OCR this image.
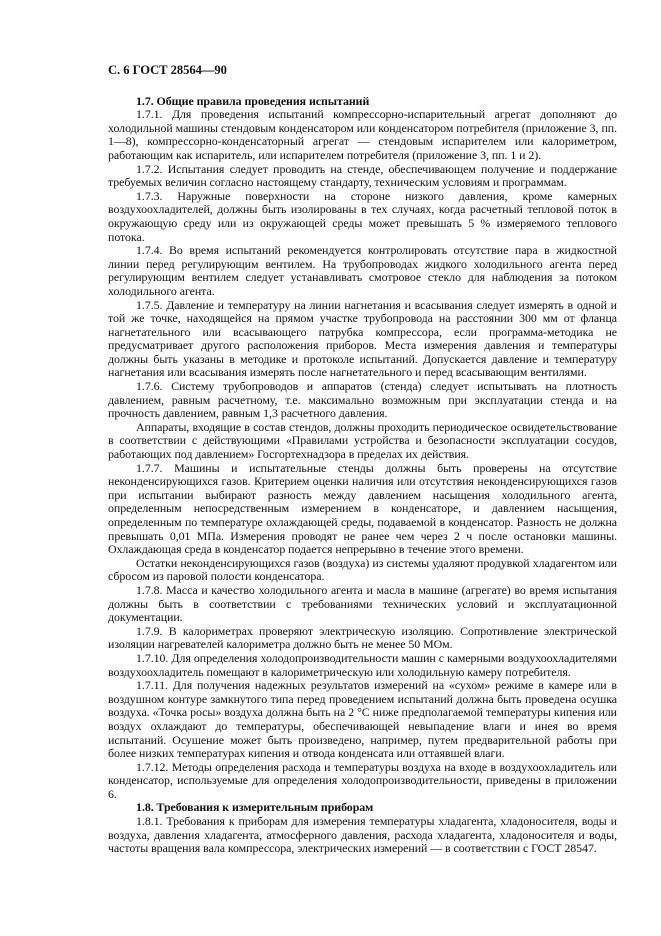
С. 6 ГОСТ 28564—90
1.7. Общие правила проведения испытаний

1.7.1. Для проведения испытаний компрессорно-испарительный агрегат дополняют до холодильной машины стендовым конденсатором или конденсатором потребителя (приложение 3, пп. 1—8), компрессорно-конденсаторный агрегат — стендовым испарителем или калориметром, работающим как испаритель, или испарителем потребителя (приложение 3, пп. 1 и 2).

1.7.2. Испытания следует проводить на стенде, обеспечивающем получение и поддержание требуемых величин согласно настоящему стандарту, техническим условиям и программам.

1.7.3. Наружные поверхности на стороне низкого давления, кроме камерных воздухоохладителей, должны быть изолированы в тех случаях, когда расчетный тепловой поток в окружающую среду или из окружающей среды может превышать 5 % измеряемого теплового потока.

1.7.4. Во время испытаний рекомендуется контролировать отсутствие пара в жидкостной линии перед регулирующим вентилем. На трубопроводах жидкого холодильного агента перед регулирующим вентилем следует устанавливать смотровое стекло для наблюдения за потоком холодильного агента.

1.7.5. Давление и температуру на линии нагнетания и всасывания следует измерять в одной и той же точке, находящейся на прямом участке трубопровода на расстоянии 300 мм от фланца нагнетательного или всасывающего патрубка компрессора, если программа-методика не предусматривает другого расположения приборов. Места измерения давления и температуры должны быть указаны в методике и протоколе испытаний. Допускается давление и температуру нагнетания или всасывания измерять после нагнетательного и перед всасывающим вентилями.

1.7.6. Систему трубопроводов и аппаратов (стенда) следует испытывать на плотность давлением, равным расчетному, т.е. максимально возможным при эксплуатации стенда и на прочность давлением, равным 1,3 расчетного давления.

Аппараты, входящие в состав стендов, должны проходить периодическое освидетельствование в соответствии с действующими «Правилами устройства и безопасности эксплуатации сосудов, работающих под давлением» Госгортехнадзора в пределах их действия.

1.7.7. Машины и испытательные стенды должны быть проверены на отсутствие неконденсирующихся газов. Критерием оценки наличия или отсутствия неконденсирующихся газов при испытании выбирают разность между давлением насыщения холодильного агента, определенным непосредственным измерением в конденсаторе, и давлением насыщения, определенным по температуре охлаждающей среды, подаваемой в конденсатор. Разность не должна превышать 0,01 МПа. Измерения проводят не ранее чем через 2 ч после остановки машины. Охлаждающая среда в конденсатор подается непрерывно в течение этого времени.

Остатки неконденсирующихся газов (воздуха) из системы удаляют продувкой хладагентом или сбросом из паровой полости конденсатора.

1.7.8. Масса и качество холодильного агента и масла в машине (агрегате) во время испытания должны быть в соответствии с требованиями технических условий и эксплуатационной документации.

1.7.9. В калориметрах проверяют электрическую изоляцию. Сопротивление электрической изоляции нагревателей калориметра должно быть не менее 50 МОм.

1.7.10. Для определения холодопроизводительности машин с камерными воздухоохладителями воздухоохладитель помещают в калориметрическую или холодильную камеру потребителя.

1.7.11. Для получения надежных результатов измерений на «сухом» режиме в камере или в воздушном контуре замкнутого типа перед проведением испытаний должна быть проведена осушка воздуха. «Точка росы» воздуха должна быть на 2 °С ниже предполагаемой температуры кипения или воздух охлаждают до температуры, обеспечивающей невыпадение влаги и инея во время испытаний. Осушение может быть произведено, например, путем предварительной работы при более низких температурах кипения и отвода конденсата или оттаявшей влаги.

1.7.12. Методы определения расхода и температуры воздуха на входе в воздухоохладитель или конденсатор, используемые для определения холодопроизводительности, приведены в приложении 6.

1.8. Требования к измерительным приборам

1.8.1. Требования к приборам для измерения температуры хладагента, хладоносителя, воды и воздуха, давления хладагента, атмосферного давления, расхода хладагента, хладоносителя и воды, частоты вращения вала компрессора, электрических измерений — в соответствии с ГОСТ 28547.
